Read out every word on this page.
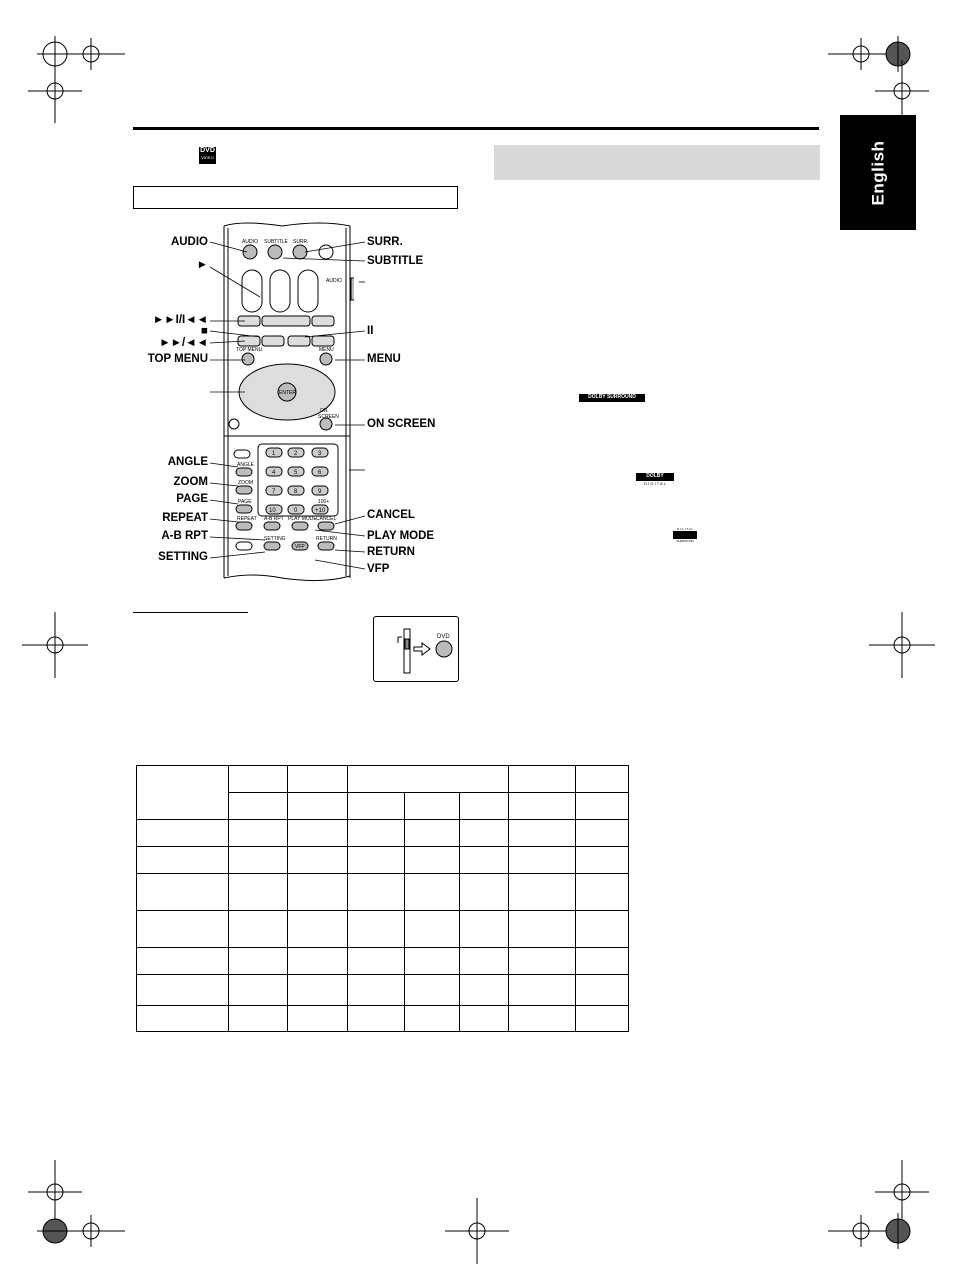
English
DVD
VIDEO
AUDIO SUBTITLE SURR.
AUDIO
TOP MENU	MENU
ENTER
ON
SCREEN
ANGLE
ZOOM
PAGE
REPEAT A-B RPT PLAY MODE CANCEL
SETTING	RETURN
VFP
100+
1	2	3
4	5	6
7	8	9
10	0	+10
AUDIO
►
►►I/I◄◄
■
►►/◄◄
TOP MENU
ANGLE
ZOOM
PAGE
REPEAT
A-B RPT
SETTING
SURR.
SUBTITLE
II
MENU
ON SCREEN
CANCEL
PLAY MODE
RETURN
VFP
DVD
DOLBY SURROUND
DOLBY
D I G I T A L
D I G I T A L
SURROUND
